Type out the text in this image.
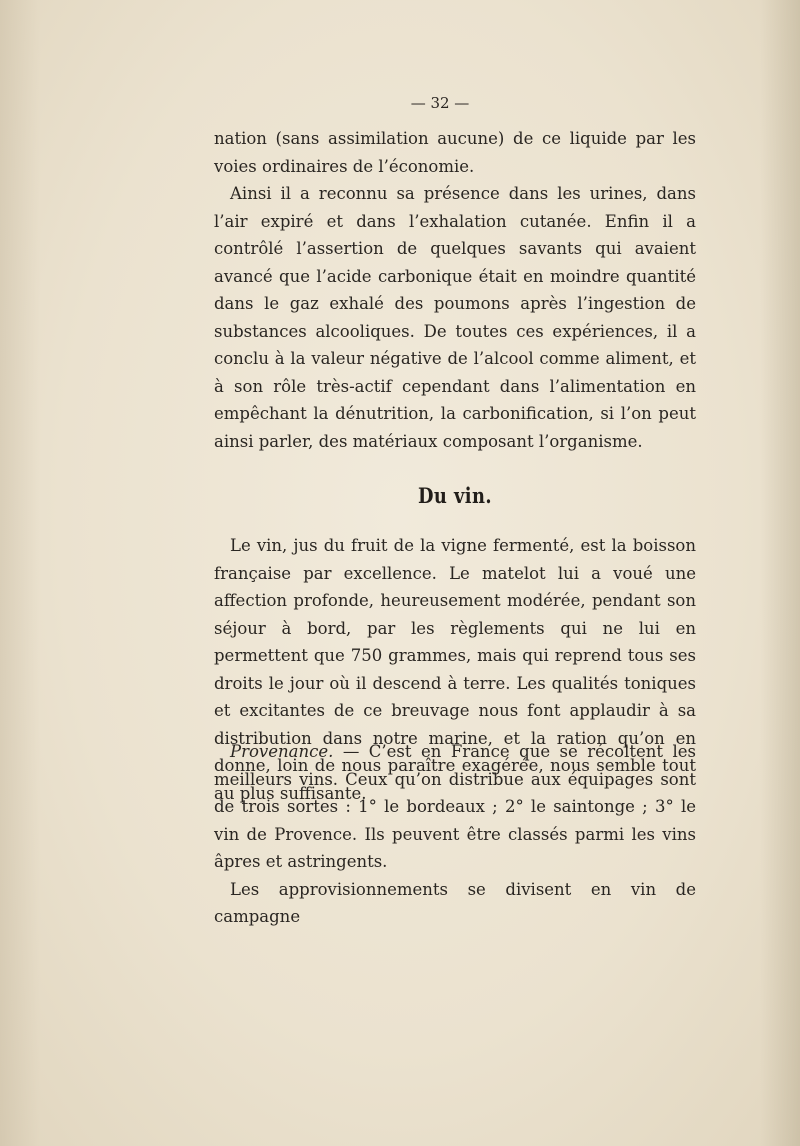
— 32 —

nation (sans assimilation aucune) de ce liquide par les voies ordinaires de l’économie.

Ainsi il a reconnu sa présence dans les urines, dans l’air expiré et dans l’exhalation cutanée. Enfin il a contrôlé l’assertion de quelques savants qui avaient avancé que l’acide carbonique était en moindre quantité dans le gaz exhalé des poumons après l’ingestion de substances alcooliques. De toutes ces expériences, il a conclu à la valeur négative de l’alcool comme aliment, et à son rôle très-actif cependant dans l’alimentation en empêchant la dénutrition, la carbonification, si l’on peut ainsi parler, des matériaux composant l’organisme.

Du vin.

Le vin, jus du fruit de la vigne fermenté, est la boisson française par excellence. Le matelot lui a voué une affection profonde, heureusement modérée, pendant son séjour à bord, par les règlements qui ne lui en permettent que 750 grammes, mais qui reprend tous ses droits le jour où il descend à terre. Les qualités toniques et excitantes de ce breuvage nous font applaudir à sa distribution dans notre marine, et la ration qu’on en donne, loin de nous paraître exagérée, nous semble tout au plus suffisante.

Provenance. — C’est en France que se récoltent les meilleurs vins. Ceux qu’on distribue aux équipages sont de trois sortes : 1° le bordeaux ; 2° le saintonge ; 3° le vin de Provence. Ils peuvent être classés parmi les vins âpres et astringents.

Les approvisionnements se divisent en vin de campagne
